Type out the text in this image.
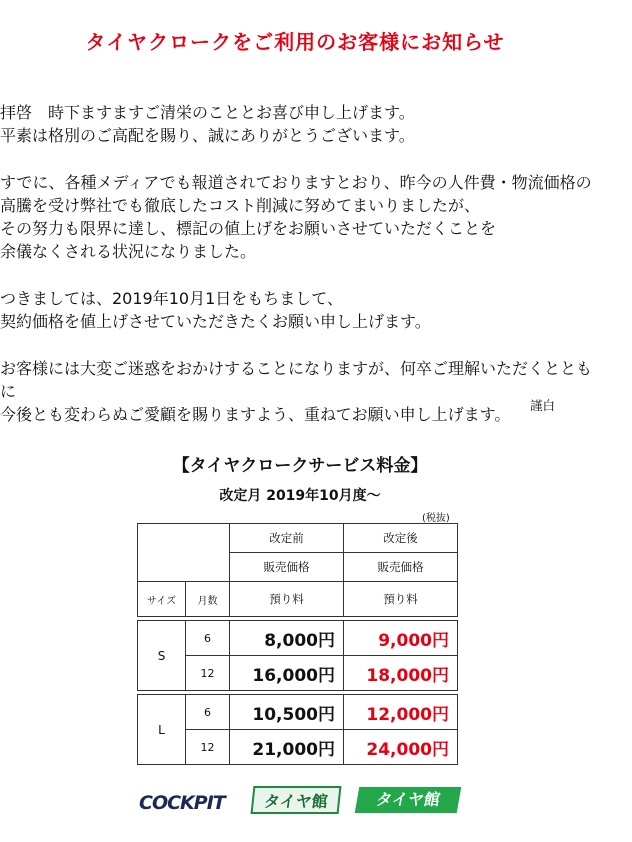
タイヤクロークをご利用のお客様にお知らせ

拝啓　時下ますますご清栄のこととお喜び申し上げます。
平素は格別のご高配を賜り、誠にありがとうございます。

すでに、各種メディアでも報道されておりますとおり、昨今の人件費・物流価格の
高騰を受け弊社でも徹底したコスト削減に努めてまいりましたが、
その努力も限界に達し、標記の値上げをお願いさせていただくことを
余儀なくされる状況になりました。

つきましては、2019年10月1日をもちまして、
契約価格を値上げさせていただきたくお願い申し上げます。

お客様には大変ご迷惑をおかけすることになりますが、何卒ご理解いただくとともに
今後とも変わらぬご愛顧を賜りますよう、重ねてお願い申し上げます。	謹白
【タイヤクロークサービス料金】
改定月 2019年10月度～
(税抜)
		改定前	改定後
		販売価格	販売価格
サイズ	月数	預り料	預り料

S	6	8,000円	9,000円
	12	16,000円	18,000円

L	6	10,500円	12,000円
	12	21,000円	24,000円
COCKPIT	タイヤ館	タイヤ館
